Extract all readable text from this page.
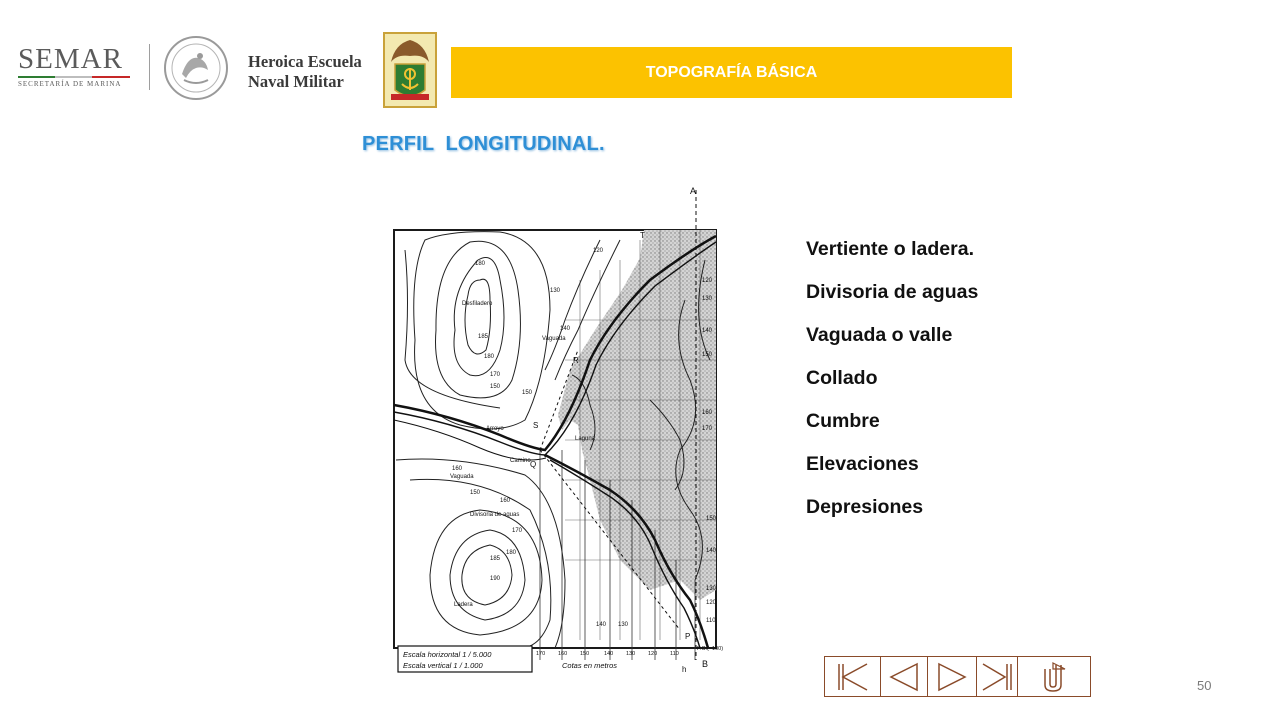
SEMAR
SECRETARÍA DE MARINA
Heroica Escuela
Naval Militar	TOPOGRAFÍA BÁSICA
PERFIL  LONGITUDINAL.
A
T
R
S
Q
P
B
h
Desfiladero
Vaguada
Arroyo
Laguna
Camino
Vaguada
Divisoria de aguas
Ladera
180
185
180
170
150
130
140
120
150
160
150
160
170
185
190
180
120
130
140
150
160
170
150
140
130
120
110
140 130
170 160 150	140 130 120 110
P.C.(=100)
Escala horizontal 1 / 5.000
Escala vertical 1 / 1.000	Cotas en metros
Vertiente o ladera.
Divisoria de aguas
Vaguada o valle
Collado
Cumbre
Elevaciones
Depresiones
50
